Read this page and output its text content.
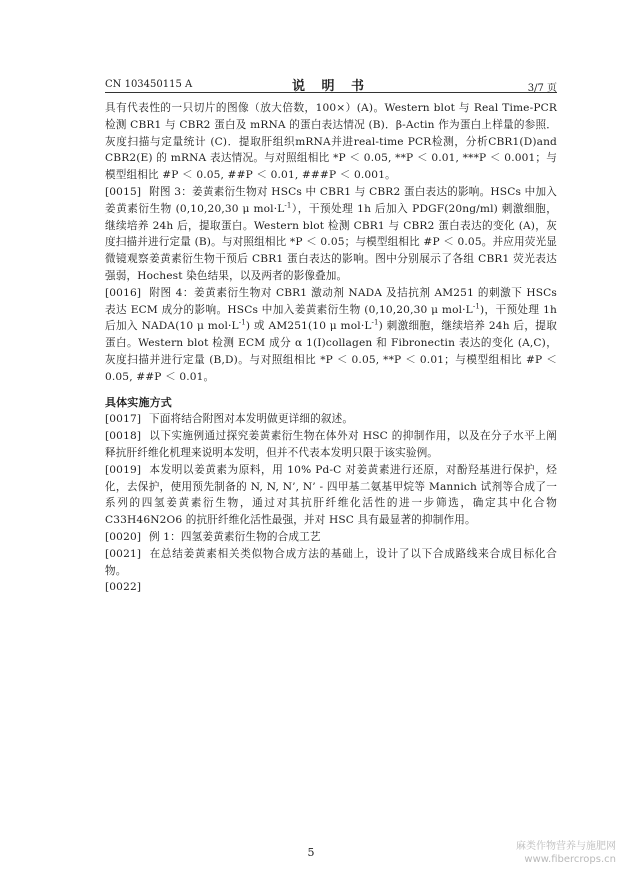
CN 103450115 A	说 明 书	3/7 页

具有代表性的一只切片的图像（放大倍数，100×）(A)。Western blot 与 Real Time-PCR 检测 CBR1 与 CBR2 蛋白及 mRNA 的蛋白表达情况 (B)．β-Actin 作为蛋白上样量的参照．灰度扫描与定量统计 (C)．提取肝组织mRNA并进real-time PCR检测，分析CBR1(D)and CBR2(E) 的 mRNA 表达情况。与对照组相比 *P ＜ 0.05, **P ＜ 0.01, ***P ＜ 0.001；与模型组相比 #P ＜ 0.05, ##P ＜ 0.01, ###P ＜ 0.001。

[0015] 附图 3：姜黄素衍生物对 HSCs 中 CBR1 与 CBR2 蛋白表达的影响。HSCs 中加入姜黄素衍生物 (0,10,20,30 μ $mol\cdot L^{-1}$），干预处理 1h 后加入 PDGF(20ng/ml) 刺激细胞，继续培养 24h 后，提取蛋白。Western blot 检测 CBR1 与 CBR2 蛋白表达的变化 (A)，灰度扫描并进行定量 (B)。与对照组相比 *P ＜ 0.05；与模型组相比 #P ＜ 0.05。并应用荧光显微镜观察姜黄素衍生物干预后 CBR1 蛋白表达的影响。图中分别展示了各组 CBR1 荧光表达强弱，Hochest 染色结果，以及两者的影像叠加。

[0016] 附图 4：姜黄素衍生物对 CBR1 激动剂 NADA 及拮抗剂 AM251 的刺激下 HSCs 表达 ECM 成分的影响。HSCs 中加入姜黄素衍生物 (0,10,20,30 μ $mol\cdot L^{-1}$)，干预处理 1h 后加入 NADA(10 μ $mol\cdot L^{-1}$) 或 AM251(10 μ $mol\cdot L^{-1}$) 刺激细胞，继续培养 24h 后，提取蛋白。Western blot 检测 ECM 成分 α 1(I)collagen 和 Fibronectin 表达的变化 (A,C)，灰度扫描并进行定量 (B,D)。与对照组相比 *P ＜ 0.05, **P ＜ 0.01；与模型组相比 #P ＜ 0.05, ##P ＜ 0.01。

具体实施方式

[0017] 下面将结合附图对本发明做更详细的叙述。

[0018] 以下实施例通过探究姜黄素衍生物在体外对 HSC 的抑制作用，以及在分子水平上阐释抗肝纤维化机理来说明本发明，但并不代表本发明只限于该实验例。

[0019] 本发明以姜黄素为原料，用 10% Pd-C 对姜黄素进行还原，对酚羟基进行保护，烃化，去保护，使用预先制备的 N, N, N’, N’ - 四甲基二氨基甲烷等 Mannich 试剂等合成了一系列的四氢姜黄素衍生物，通过对其抗肝纤维化活性的进一步筛选，确定其中化合物 C33H46N2O6 的抗肝纤维化活性最强，并对 HSC 具有最显著的抑制作用。

[0020] 例 1：四氢姜黄素衍生物的合成工艺

[0021] 在总结姜黄素相关类似物合成方法的基础上，设计了以下合成路线来合成目标化合物。

[0022]

5	麻类作物营养与施肥网
www.fibercrops.cn
